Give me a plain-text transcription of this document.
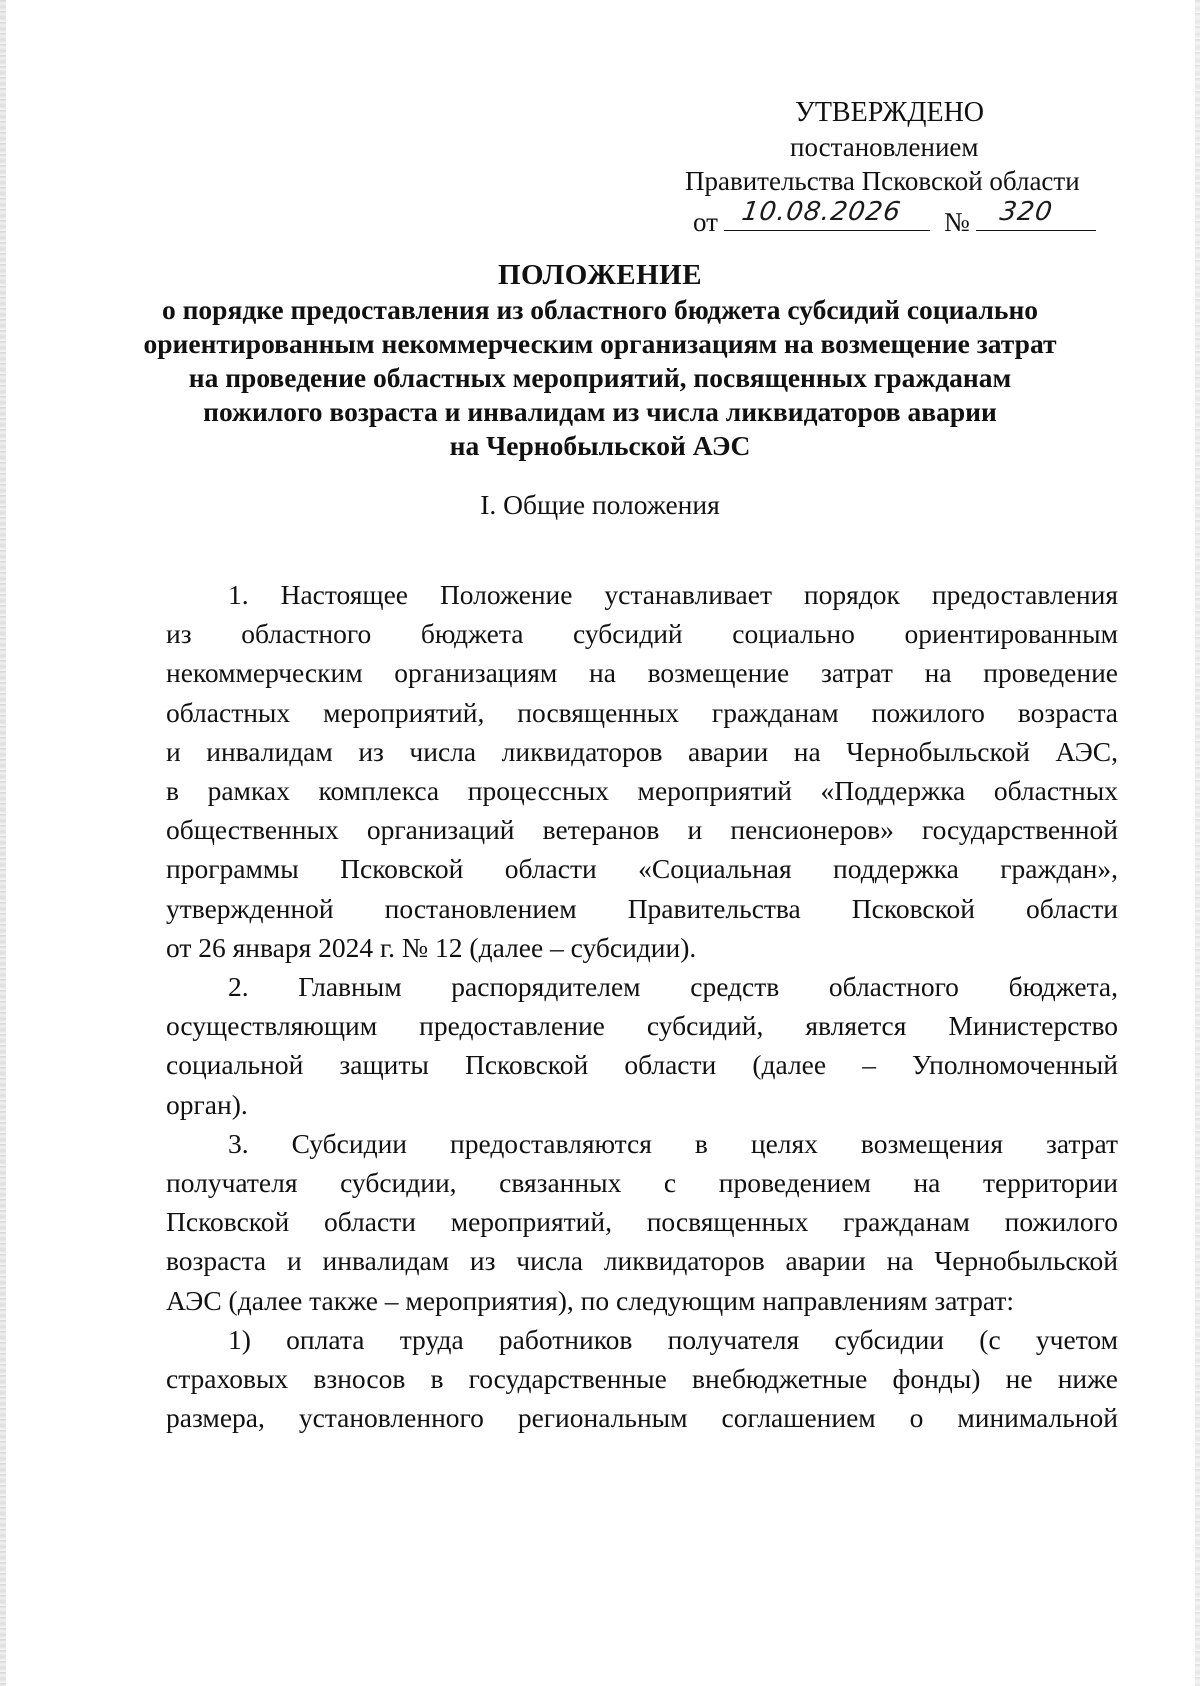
УТВЕРЖДЕНО
постановлением
Правительства Псковской области
от 10.08.2026 № 320
ПОЛОЖЕНИЕ
о порядке предоставления из областного бюджета субсидий социально
ориентированным некоммерческим организациям на возмещение затрат
на проведение областных мероприятий, посвященных гражданам
пожилого возраста и инвалидам из числа ликвидаторов аварии
на Чернобыльской АЭС
I. Общие положения
1. Настоящее Положение устанавливает порядок предоставления
из областного бюджета субсидий социально ориентированным
некоммерческим организациям на возмещение затрат на проведение
областных мероприятий, посвященных гражданам пожилого возраста
и инвалидам из числа ликвидаторов аварии на Чернобыльской АЭС,
в рамках комплекса процессных мероприятий «Поддержка областных
общественных организаций ветеранов и пенсионеров» государственной
программы Псковской области «Социальная поддержка граждан»,
утвержденной постановлением Правительства Псковской области
от 26 января 2024 г. № 12 (далее – субсидии).
2. Главным распорядителем средств областного бюджета,
осуществляющим предоставление субсидий, является Министерство
социальной защиты Псковской области (далее – Уполномоченный
орган).
3. Субсидии предоставляются в целях возмещения затрат
получателя субсидии, связанных с проведением на территории
Псковской области мероприятий, посвященных гражданам пожилого
возраста и инвалидам из числа ликвидаторов аварии на Чернобыльской
АЭС (далее также – мероприятия), по следующим направлениям затрат:
1) оплата труда работников получателя субсидии (с учетом
страховых взносов в государственные внебюджетные фонды) не ниже
размера, установленного региональным соглашением о минимальной
